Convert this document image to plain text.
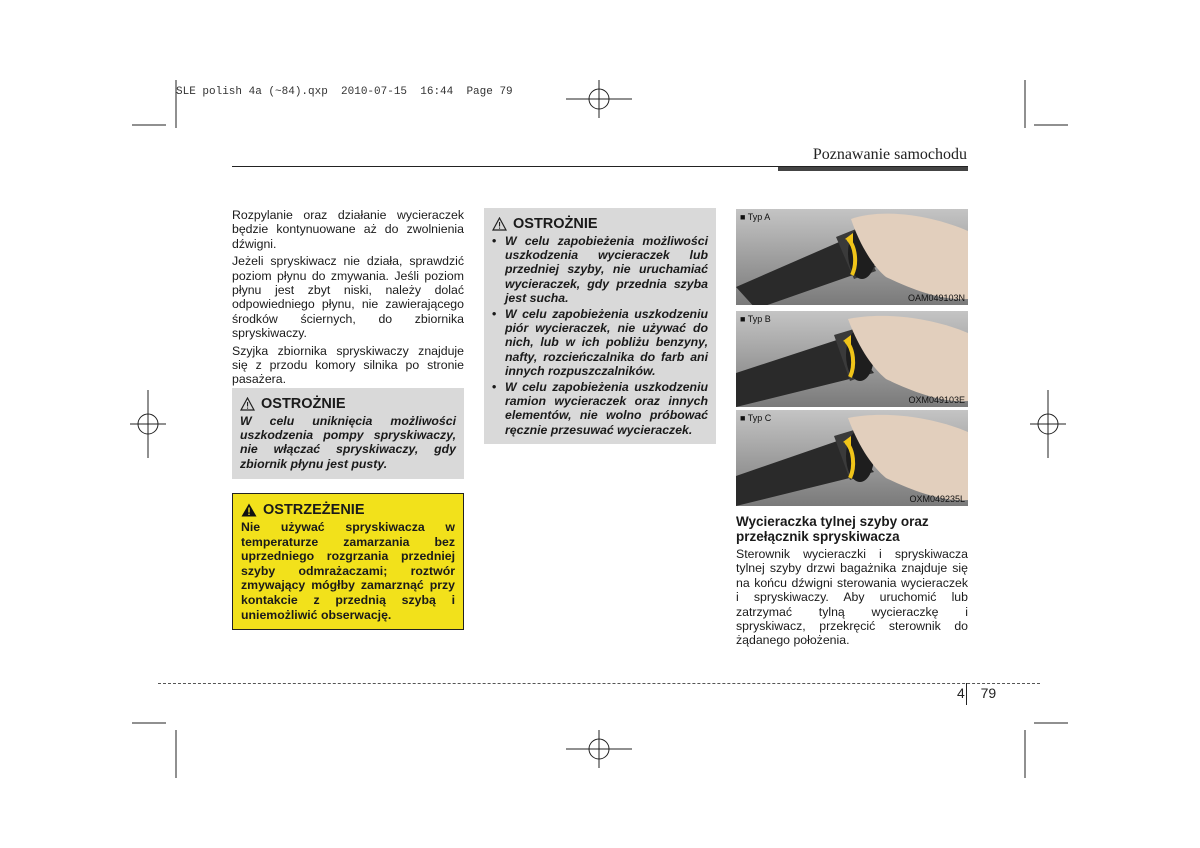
SLE polish 4a (~84).qxp  2010-07-15  16:44  Page 79
Poznawanie samochodu

Rozpylanie oraz działanie wycieraczek będzie kontynuowane aż do zwolnienia dźwigni.

Jeżeli spryskiwacz nie działa, sprawdzić poziom płynu do zmywania. Jeśli poziom płynu jest zbyt niski, należy dolać odpowiedniego płynu, nie zawierającego środków ściernych, do zbiornika spryskiwaczy.

Szyjka zbiornika spryskiwaczy znajduje się z przodu komory silnika po stronie pasażera.

OSTROŻNIE
W celu uniknięcia możliwości uszkodzenia pompy spryskiwaczy, nie włączać spryskiwaczy, gdy zbiornik płynu jest pusty.
OSTRZEŻENIE
Nie używać spryskiwacza w temperaturze zamarzania bez uprzedniego rozgrzania przedniej szyby odmrażaczami; roztwór zmywający mógłby zamarznąć przy kontakcie z przednią szybą i uniemożliwić obserwację.
OSTROŻNIE
• W celu zapobieżenia możliwości uszkodzenia wycieraczek lub przedniej szyby, nie uruchamiać wycieraczek, gdy przednia szyba jest sucha.
• W celu zapobieżenia uszkodzeniu piór wycieraczek, nie używać do nich, lub w ich pobliżu benzyny, nafty, rozcieńczalnika do farb ani innych rozpuszczalników.
• W celu zapobieżenia uszkodzeniu ramion wycieraczek oraz innych elementów, nie wolno próbować ręcznie przesuwać wycieraczek.
■ Typ A
OAM049103N
■ Typ B
OXM049103E
■ Typ C
OXM049235L
Wycieraczka tylnej szyby oraz przełącznik spryskiwacza
Sterownik wycieraczki i spryskiwacza tylnej szyby drzwi bagażnika znajduje się na końcu dźwigni sterowania wycieraczek i spryskiwaczy. Aby uruchomić lub zatrzymać tylną wycieraczkę i spryskiwacz, przekręcić sterownik do żądanego położenia.
4 79
